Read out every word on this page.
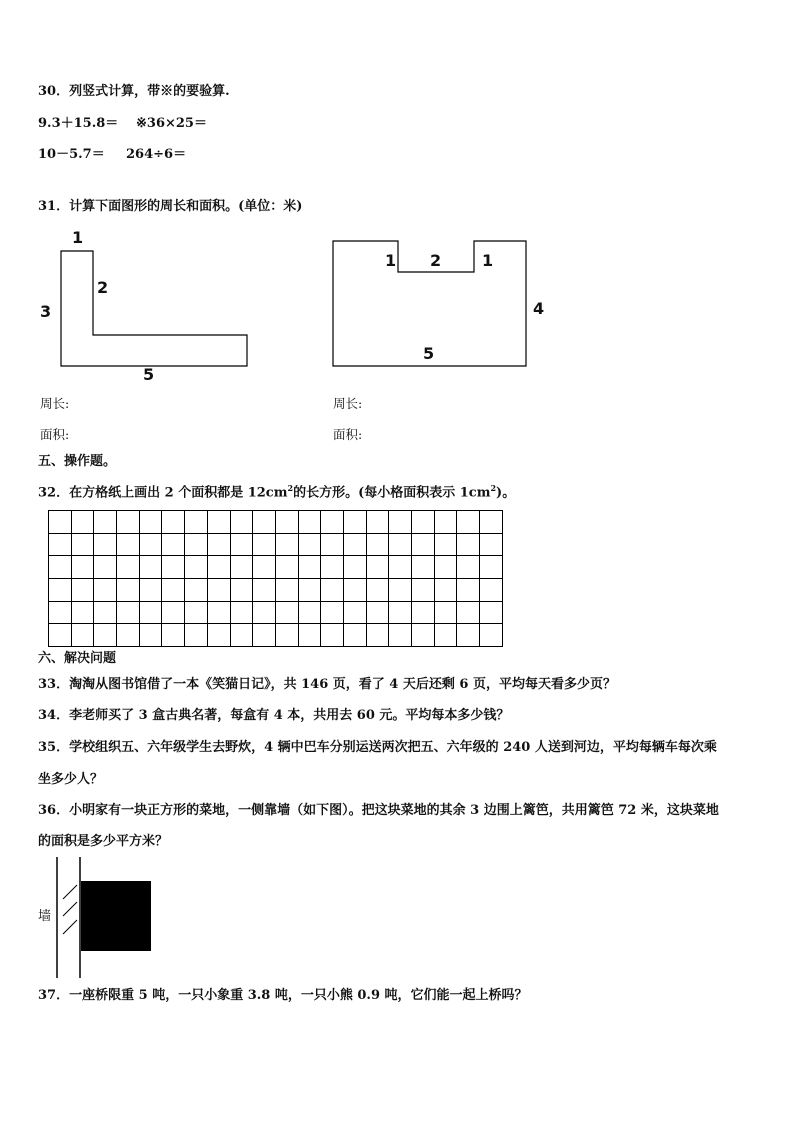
30．列竖式计算，带※的要验算.
9.3＋15.8＝ ※36×25＝
10－5.7＝ 264÷6＝
31．计算下面图形的周长和面积。(单位：米)
1
2
3
5
1 2	1
4
5
周长:	周长:
面积:	面积:
五、操作题。
32．在方格纸上画出 2 个面积都是 $12cm^2$的长方形。(每小格面积表示 $1cm^2$)。
六、解决问题
33．淘淘从图书馆借了一本《笑猫日记》，共 146 页，看了 4 天后还剩 6 页，平均每天看多少页？
34．李老师买了 3 盒古典名著，每盒有 4 本，共用去 60 元。平均每本多少钱？
35．学校组织五、六年级学生去野炊，4 辆中巴车分别运送两次把五、六年级的 240 人送到河边，平均每辆车每次乘
坐多少人？
36．小明家有一块正方形的菜地，一侧靠墙（如下图）。把这块菜地的其余 3 边围上篱笆，共用篱笆 72 米，这块菜地
的面积是多少平方米？
墙
37．一座桥限重 5 吨，一只小象重 3.8 吨，一只小熊 0.9 吨，它们能一起上桥吗？
